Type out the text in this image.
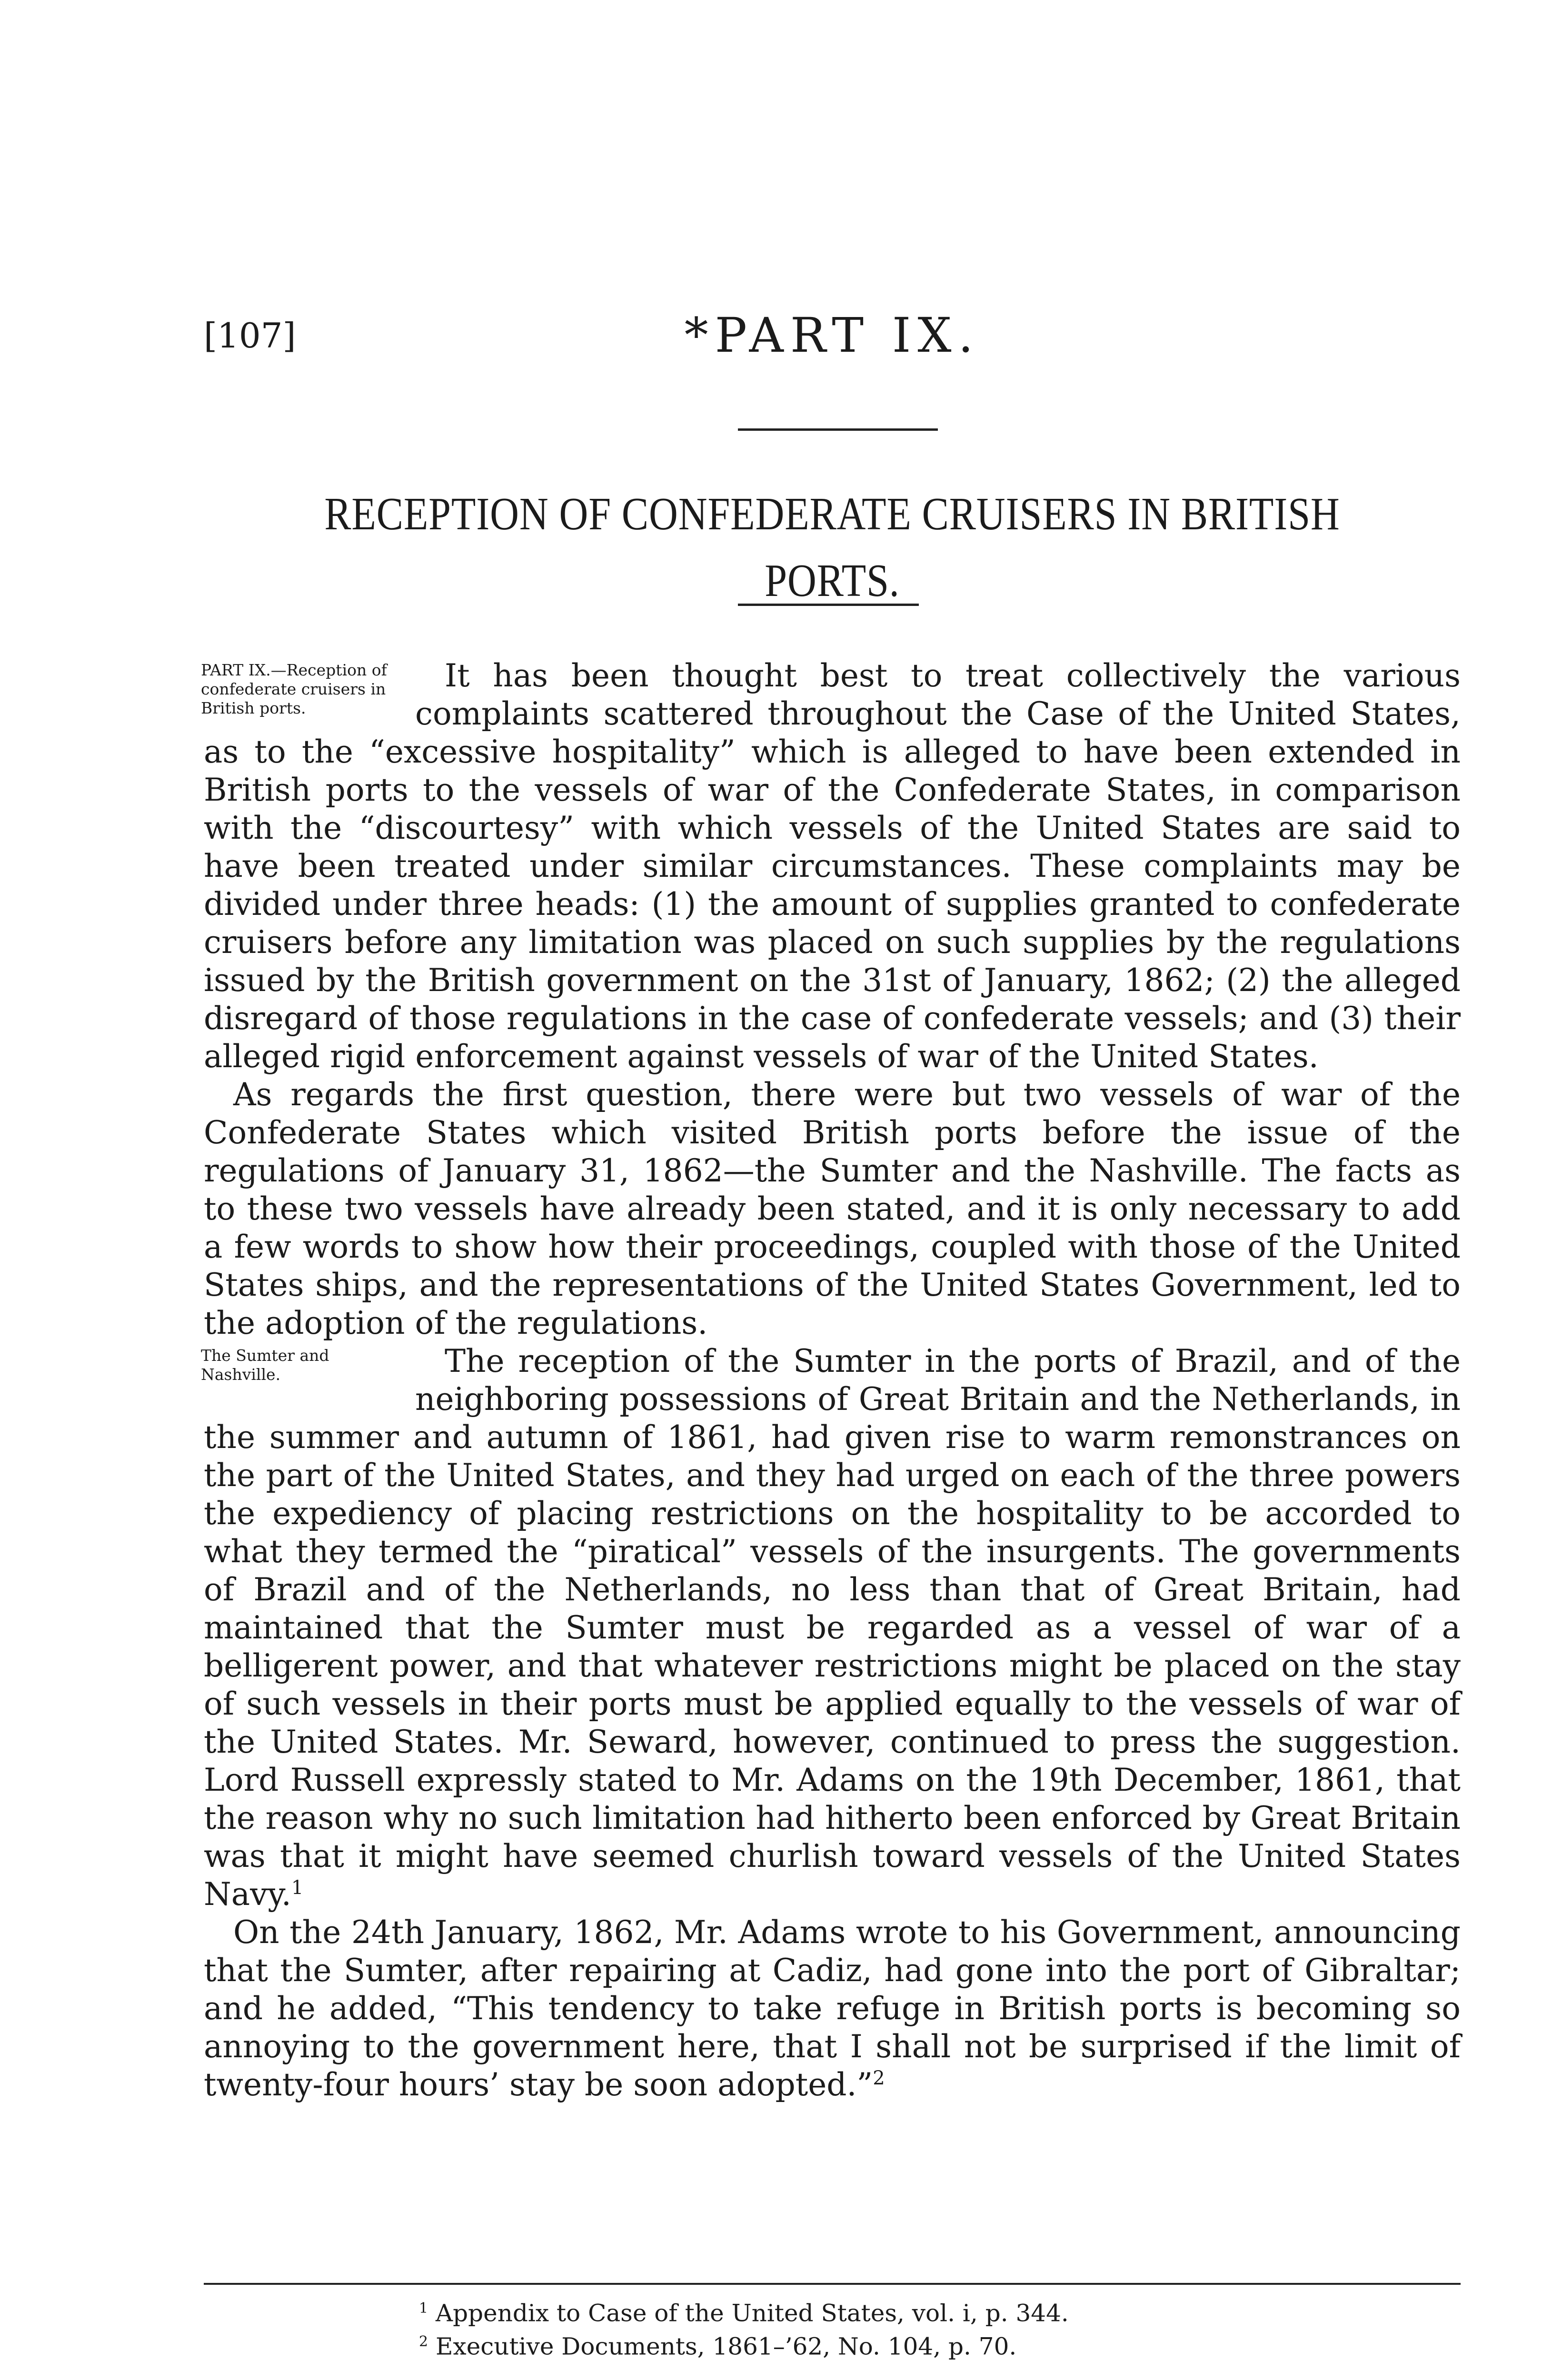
[107]	*PART IX.
RECEPTION OF CONFEDERATE CRUISERS IN BRITISH PORTS.

PART IX.—Reception of confederate cruisers in British ports.
It has been thought best to treat collectively the various complaints scattered throughout the Case of the United States, as to the “excessive hospitality” which is alleged to have been extended in British ports to the vessels of war of the Confederate States, in comparison with the “discourtesy” with which vessels of the United States are said to have been treated under similar circumstances. These complaints may be divided under three heads: (1) the amount of supplies granted to confederate cruisers before any limitation was placed on such supplies by the regulations issued by the British government on the 31st of January, 1862; (2) the alleged disregard of those regulations in the case of confederate vessels; and (3) their alleged rigid enforcement against vessels of war of the United States.

As regards the first question, there were but two vessels of war of the Confederate States which visited British ports before the issue of the regulations of January 31, 1862—the Sumter and the Nashville. The facts as to these two vessels have already been stated, and it is only necessary to add a few words to show how their proceedings, coupled with those of the United States ships, and the representations of the United States Government, led to the adoption of the regulations.

The Sumter and Nashville.	The reception of the Sumter in the ports of Brazil, and of the neighboring possessions of Great Britain and the Netherlands, in the summer and autumn of 1861, had given rise to warm remonstrances on the part of the United States, and they had urged on each of the three powers the expediency of placing restrictions on the hospitality to be accorded to what they termed the “piratical” vessels of the insurgents. The governments of Brazil and of the Netherlands, no less than that of Great Britain, had maintained that the Sumter must be regarded as a vessel of war of a belligerent power, and that whatever restrictions might be placed on the stay of such vessels in their ports must be applied equally to the vessels of war of the United States. Mr. Seward, however, continued to press the suggestion. Lord Russell expressly stated to Mr. Adams on the 19th December, 1861, that the reason why no such limitation had hitherto been enforced by Great Britain was that it might have seemed churlish toward vessels of the United States Navy.$^1$

On the 24th January, 1862, Mr. Adams wrote to his Government, announcing that the Sumter, after repairing at Cadiz, had gone into the port of Gibraltar; and he added, “This tendency to take refuge in British ports is becoming so annoying to the government here, that I shall not be surprised if the limit of twenty-four hours’ stay be soon adopted.”$^2$

$^1$ Appendix to Case of the United States, vol. i, p. 344.

$^2$ Executive Documents, 1861–’62, No. 104, p. 70.
